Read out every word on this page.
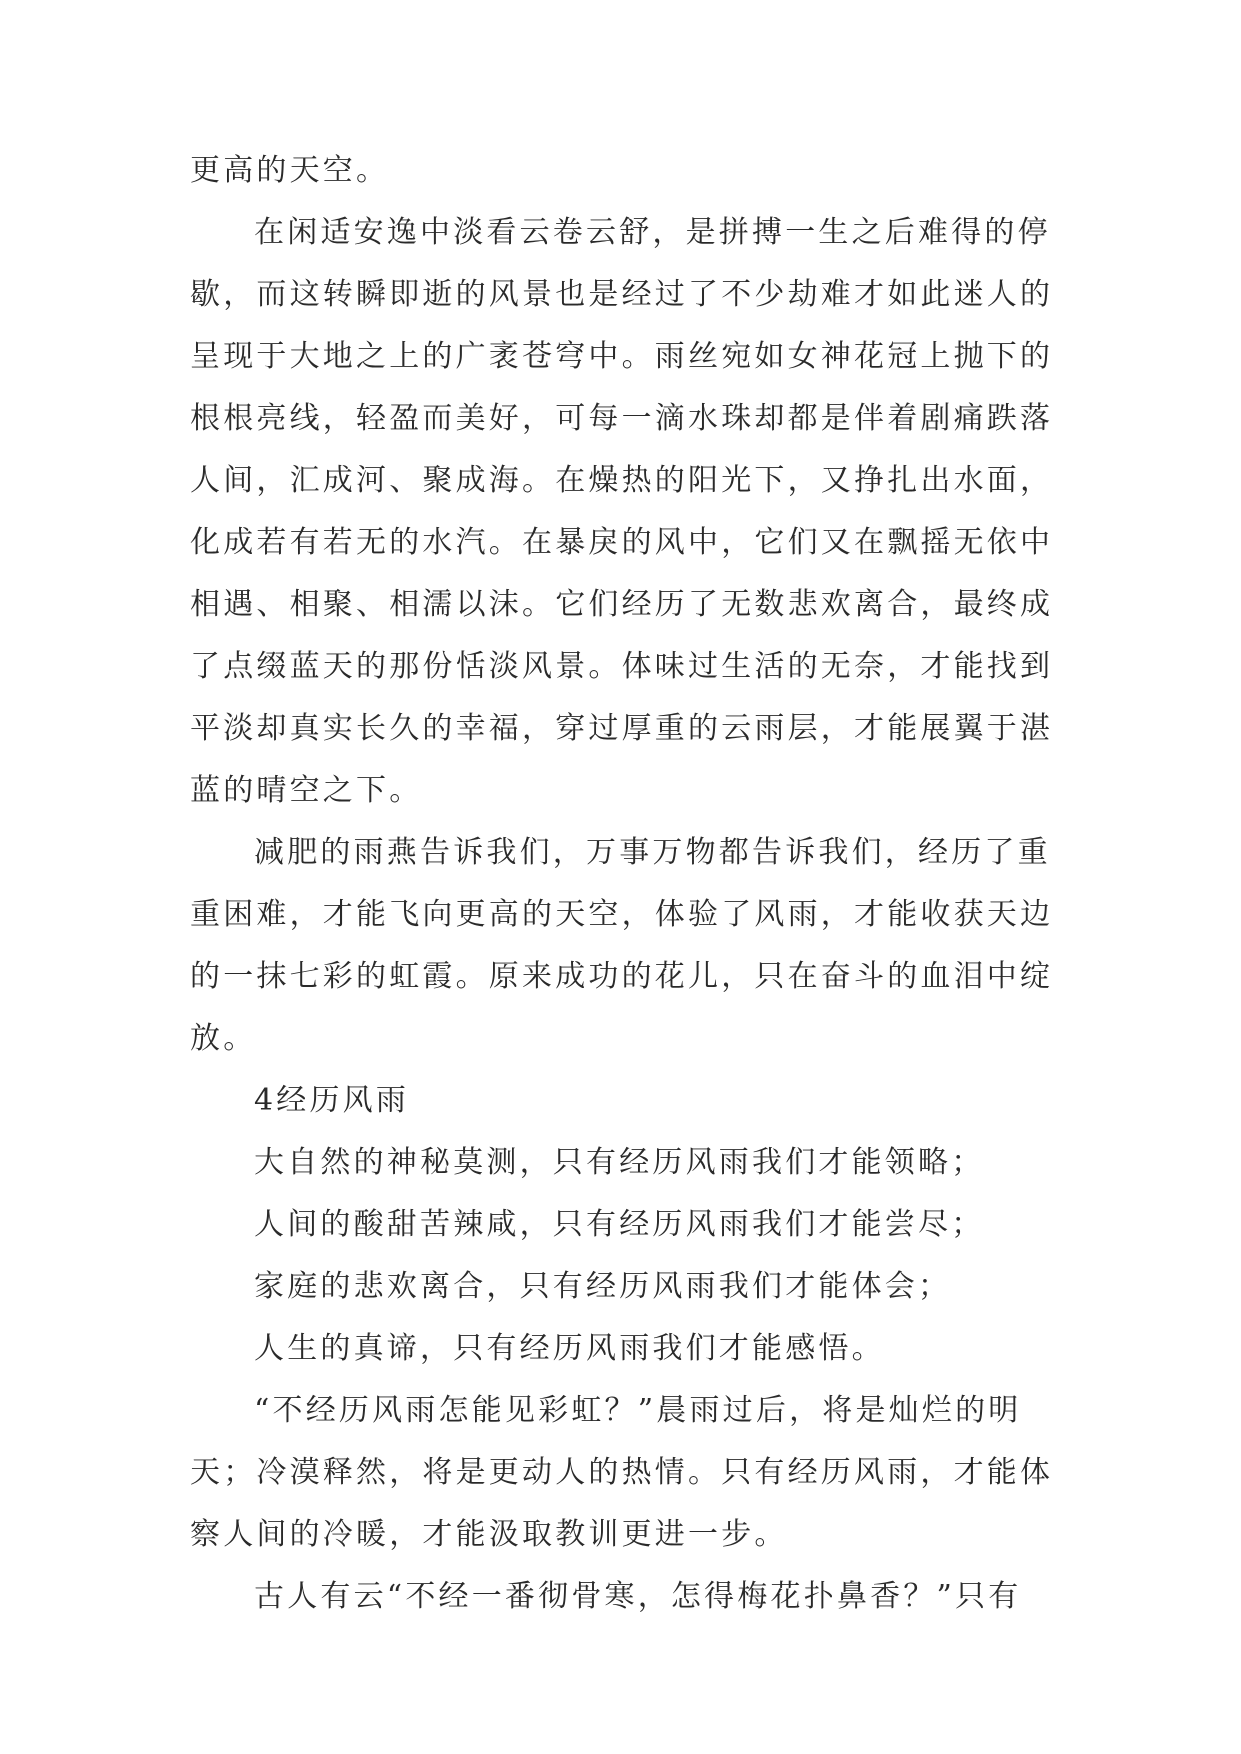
更高的天空。
在闲适安逸中淡看云卷云舒，是拼搏一生之后难得的停
歇，而这转瞬即逝的风景也是经过了不少劫难才如此迷人的
呈现于大地之上的广袤苍穹中。雨丝宛如女神花冠上抛下的
根根亮线，轻盈而美好，可每一滴水珠却都是伴着剧痛跌落
人间，汇成河、聚成海。在燥热的阳光下，又挣扎出水面，
化成若有若无的水汽。在暴戾的风中，它们又在飘摇无依中
相遇、相聚、相濡以沫。它们经历了无数悲欢离合，最终成
了点缀蓝天的那份恬淡风景。体味过生活的无奈，才能找到
平淡却真实长久的幸福，穿过厚重的云雨层，才能展翼于湛
蓝的晴空之下。
减肥的雨燕告诉我们，万事万物都告诉我们，经历了重
重困难，才能飞向更高的天空，体验了风雨，才能收获天边
的一抹七彩的虹霞。原来成功的花儿，只在奋斗的血泪中绽
放。
4经历风雨
大自然的神秘莫测，只有经历风雨我们才能领略；
人间的酸甜苦辣咸，只有经历风雨我们才能尝尽；
家庭的悲欢离合，只有经历风雨我们才能体会；
人生的真谛，只有经历风雨我们才能感悟。
“不经历风雨怎能见彩虹？”晨雨过后，将是灿烂的明
天；冷漠释然，将是更动人的热情。只有经历风雨，才能体
察人间的冷暖，才能汲取教训更进一步。
古人有云“不经一番彻骨寒，怎得梅花扑鼻香？”只有
